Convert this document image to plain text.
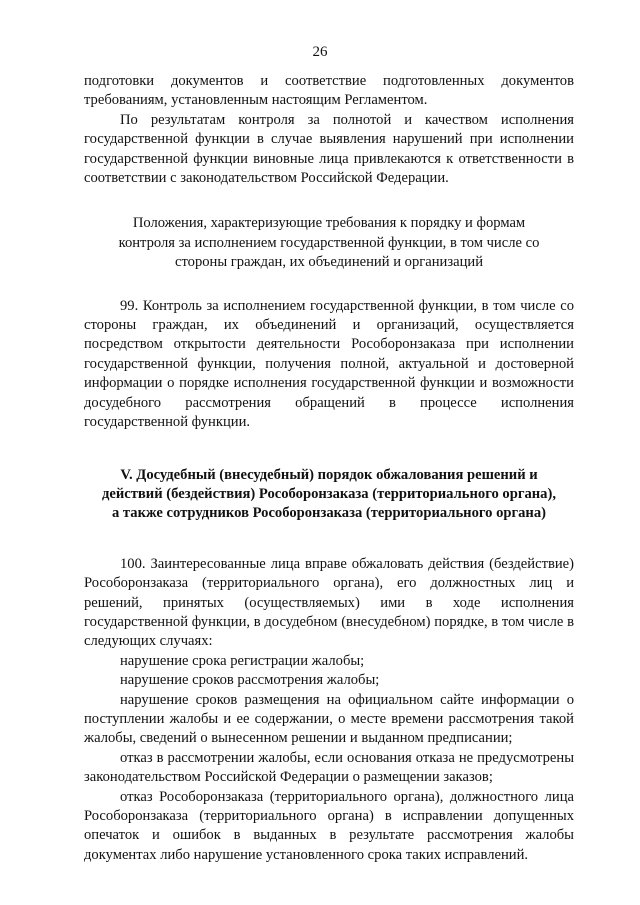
26

подготовки документов и соответствие подготовленных документов требованиям, установленным настоящим Регламентом.

По результатам контроля за полнотой и качеством исполнения государственной функции в случае выявления нарушений при исполнении государственной функции виновные лица привлекаются к ответственности в соответствии с законодательством Российской Федерации.

Положения, характеризующие требования к порядку и формам контроля за исполнением государственной функции, в том числе со стороны граждан, их объединений и организаций

99. Контроль за исполнением государственной функции, в том числе со стороны граждан, их объединений и организаций, осуществляется посредством открытости деятельности Рособоронзаказа при исполнении государственной функции, получения полной, актуальной и достоверной информации о порядке исполнения государственной функции и возможности досудебного рассмотрения обращений в процессе исполнения государственной функции.

V. Досудебный (внесудебный) порядок обжалования решений и действий (бездействия) Рособоронзаказа (территориального органа), а также сотрудников Рособоронзаказа (территориального органа)

100. Заинтересованные лица вправе обжаловать действия (бездействие) Рособоронзаказа (территориального органа), его должностных лиц и решений, принятых (осуществляемых) ими в ходе исполнения государственной функции, в досудебном (внесудебном) порядке, в том числе в следующих случаях:

нарушение срока регистрации жалобы;

нарушение сроков рассмотрения жалобы;

нарушение сроков размещения на официальном сайте информации о поступлении жалобы и ее содержании, о месте времени рассмотрения такой жалобы, сведений о вынесенном решении и выданном предписании;

отказ в рассмотрении жалобы, если основания отказа не предусмотрены законодательством Российской Федерации о размещении заказов;

отказ Рособоронзаказа (территориального органа), должностного лица Рособоронзаказа (территориального органа) в исправлении допущенных опечаток и ошибок в выданных в результате рассмотрения жалобы документах либо нарушение установленного срока таких исправлений.
